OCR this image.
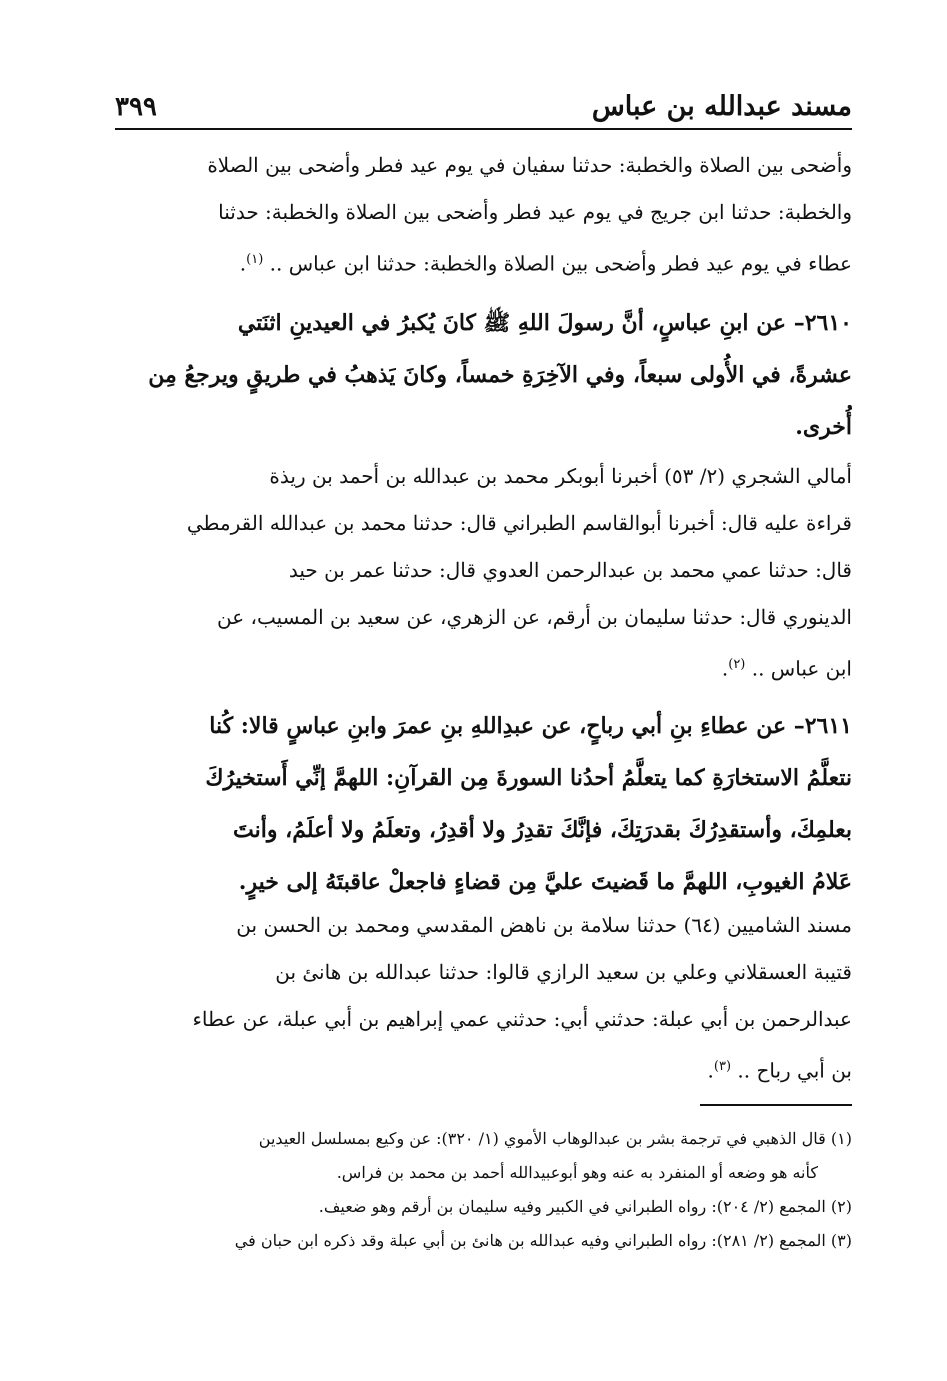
مسند عبدالله بن عباس
٣٩٩
وأضحى بين الصلاة والخطبة: حدثنا سفيان في يوم عيد فطر وأضحى بين الصلاة
والخطبة: حدثنا ابن جريج في يوم عيد فطر وأضحى بين الصلاة والخطبة: حدثنا
عطاء في يوم عيد فطر وأضحى بين الصلاة والخطبة: حدثنا ابن عباس .. $^{(١)}$.
٢٦١٠– عن ابنِ عباسٍ، أنَّ رسولَ اللهِ ﷺ كانَ يُكبرُ في العيدينِ اثنَتي
عشرةً، في الأُولى سبعاً، وفي الآخِرَةِ خمساً، وكانَ يَذهبُ في طريقٍ ويرجعُ مِن
أُخرى.
أمالي الشجري (٢/ ٥٣) أخبرنا أبوبكر محمد بن عبدالله بن أحمد بن ريذة
قراءة عليه قال: أخبرنا أبوالقاسم الطبراني قال: حدثنا محمد بن عبدالله القرمطي
قال: حدثنا عمي محمد بن عبدالرحمن العدوي قال: حدثنا عمر بن حيد
الدينوري قال: حدثنا سليمان بن أرقم، عن الزهري، عن سعيد بن المسيب، عن
ابن عباس .. $^{(٢)}$.
٢٦١١– عن عطاءِ بنِ أبي رباحٍ، عن عبدِاللهِ بنِ عمرَ وابنِ عباسٍ قالا: كُنا
نتعلَّمُ الاستخارَةِ كما يتعلَّمُ أحدُنا السورةَ مِن القرآنِ: اللهمَّ إنِّي أَستخيرُكَ
بعلمِكَ، وأستقدِرُكَ بقدرَتِكَ، فإنَّكَ تقدِرُ ولا أقدِرُ، وتعلَمُ ولا أعلَمُ، وأنتَ
عَلامُ الغيوبِ، اللهمَّ ما قَضيتَ عليَّ مِن قضاءٍ فاجعلْ عاقبتَهُ إلى خيرٍ.
مسند الشاميين (٦٤) حدثنا سلامة بن ناهض المقدسي ومحمد بن الحسن بن
قتيبة العسقلاني وعلي بن سعيد الرازي قالوا: حدثنا عبدالله بن هانئ بن
عبدالرحمن بن أبي عبلة: حدثني أبي: حدثني عمي إبراهيم بن أبي عبلة، عن عطاء
بن أبي رباح .. $^{(٣)}$.
(١) قال الذهبي في ترجمة بشر بن عبدالوهاب الأموي (١/ ٣٢٠): عن وكيع بمسلسل العيدين
كأنه هو وضعه أو المنفرد به عنه وهو أبوعبيدالله أحمد بن محمد بن فراس.
(٢) المجمع (٢/ ٢٠٤): رواه الطبراني في الكبير وفيه سليمان بن أرقم وهو ضعيف.
(٣) المجمع (٢/ ٢٨١): رواه الطبراني وفيه عبدالله بن هانئ بن أبي عبلة وقد ذكره ابن حبان في
